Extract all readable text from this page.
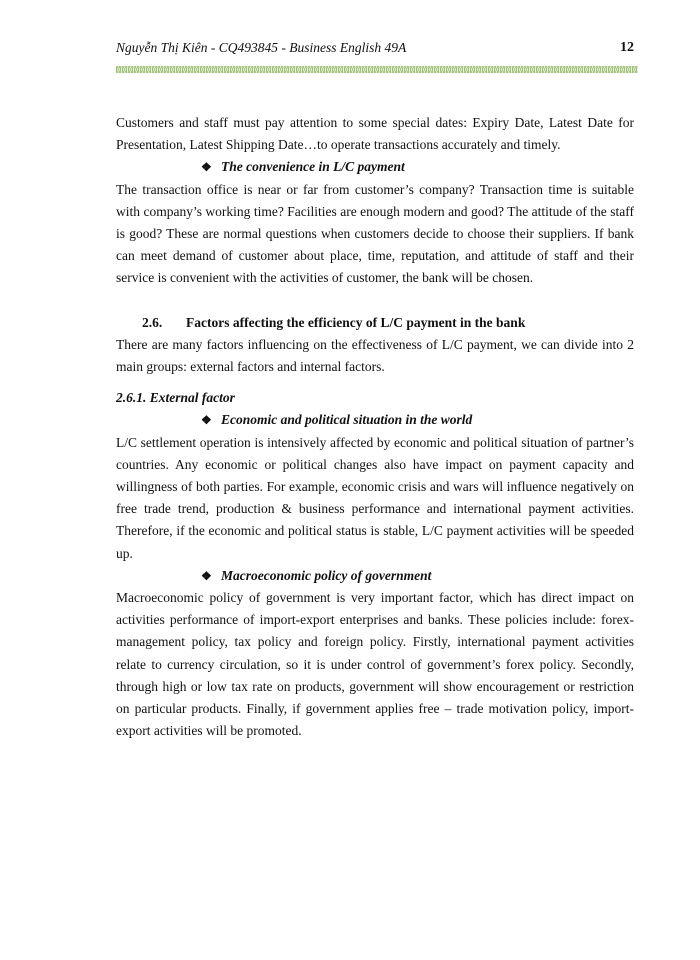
Nguyễn Thị Kiên - CQ493845 - Business English 49A	12

Customers and staff must pay attention to some special dates: Expiry Date, Latest Date for Presentation, Latest Shipping Date…to operate transactions accurately and timely.

❖ The convenience in L/C payment

The transaction office is near or far from customer’s company? Transaction time is suitable with company’s working time? Facilities are enough modern and good? The attitude of the staff is good? These are normal questions when customers decide to choose their suppliers. If bank can meet demand of customer about place, time, reputation, and attitude of staff and their service is convenient with the activities of customer, the bank will be chosen.

2.6. Factors affecting the efficiency of L/C payment in the bank

There are many factors influencing on the effectiveness of L/C payment, we can divide into 2 main groups: external factors and internal factors.

2.6.1. External factor

❖ Economic and political situation in the world

L/C settlement operation is intensively affected by economic and political situation of partner’s countries. Any economic or political changes also have impact on payment capacity and willingness of both parties. For example, economic crisis and wars will influence negatively on free trade trend, production & business performance and international payment activities. Therefore, if the economic and political status is stable, L/C payment activities will be speeded up.

❖ Macroeconomic policy of government

Macroeconomic policy of government is very important factor, which has direct impact on activities performance of import-export enterprises and banks. These policies include: forex-management policy, tax policy and foreign policy. Firstly, international payment activities relate to currency circulation, so it is under control of government’s forex policy. Secondly, through high or low tax rate on products, government will show encouragement or restriction on particular products. Finally, if government applies free – trade motivation policy, import-export activities will be promoted.
